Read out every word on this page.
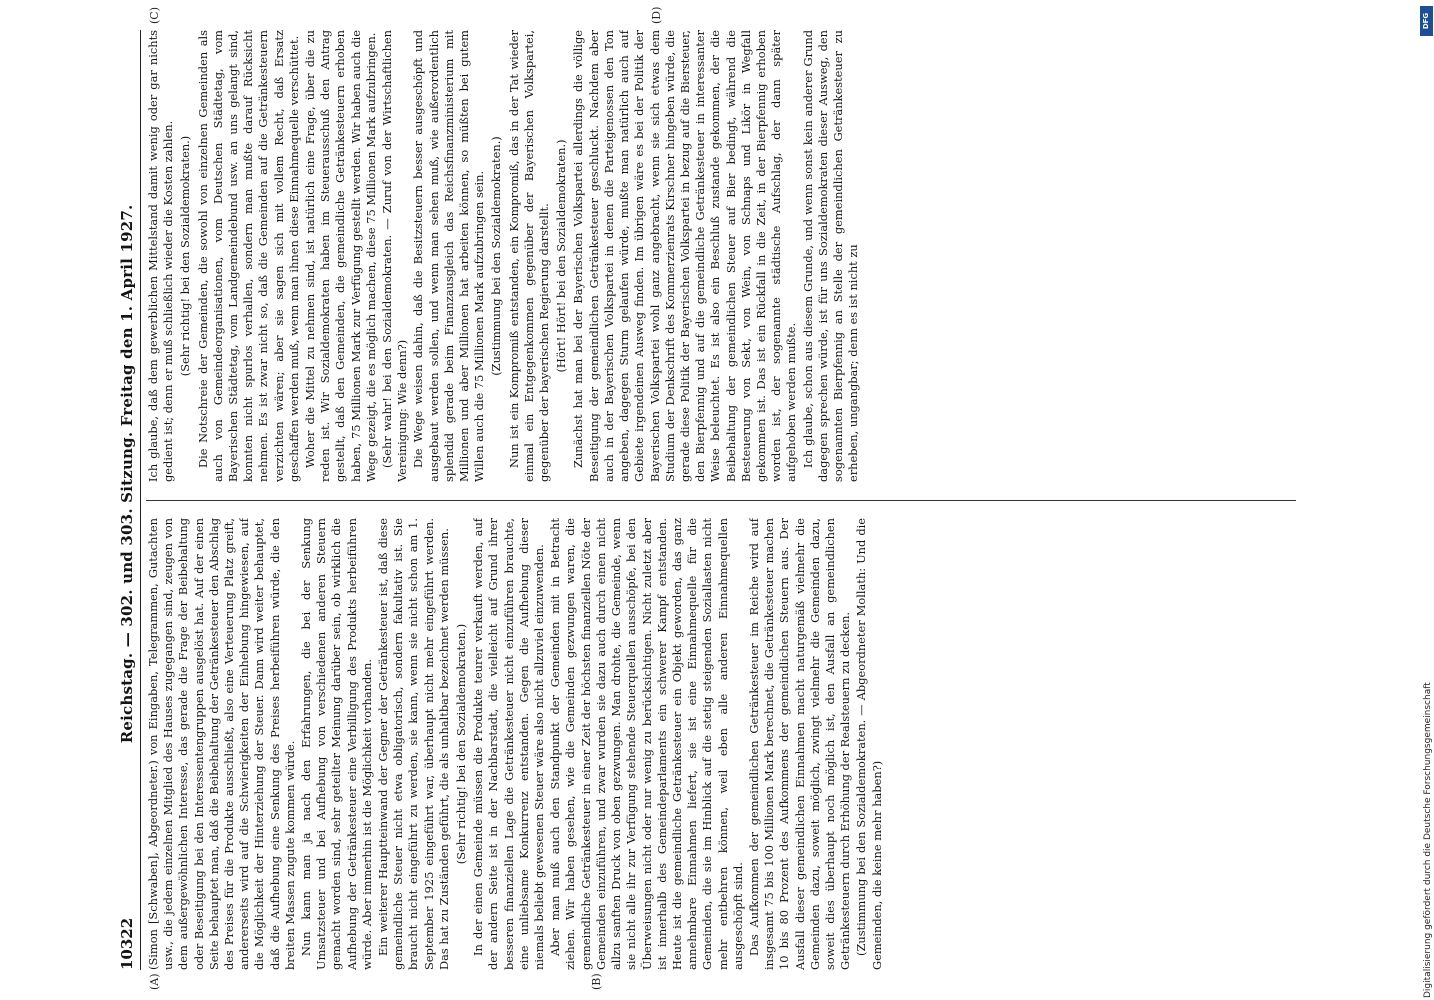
10322
Reichstag. — 302. und 303. Sitzung. Freitag den 1. April 1927.
(A)	(B)
(C)	(D)

(Simon [Schwaben], Abgeordneter.) von Eingaben, Telegrammen, Gutachten usw., die jedem einzelnen Mitglied des Hauses zugegangen sind, zeugen von dem außergewöhnlichen Interesse, das gerade die Frage der Beibehaltung oder Beseitigung bei den Interessentengruppen ausgelöst hat. Auf der einen Seite behauptet man, daß die Beibehaltung der Getränkesteuer den Abschlag des Preises für die Produkte ausschließt, also eine Verteuerung Platz greift, andererseits wird auf die Schwierigkeiten der Einhebung hingewiesen, auf die Möglichkeit der Hinterziehung der Steuer. Dann wird weiter behauptet, daß die Aufhebung eine Senkung des Preises herbeiführen würde, die den breiten Massen zugute kommen würde. Nun kann man ja nach den Erfahrungen, die bei der Senkung Umsatzsteuer und bei Aufhebung von verschiedenen anderen Steuern gemacht worden sind, sehr geteilter Meinung darüber sein, ob wirklich die Aufhebung der Getränkesteuer eine Verbilligung des Produkts herbeiführen würde. Aber immerhin ist die Möglichkeit vorhanden. Ein weiterer Hauptteinwand der Gegner der Getränkesteuer ist, daß diese gemeindliche Steuer nicht etwa obligatorisch, sondern fakultativ ist. Sie braucht nicht eingeführt zu werden, sie kann, wenn sie nicht schon am 1. September 1925 eingeführt war, überhaupt nicht mehr eingeführt werden. Das hat zu Zuständen geführt, die als unhaltbar bezeichnet werden müssen. (Sehr richtig! bei den Sozialdemokraten.) In der einen Gemeinde müssen die Produkte teurer verkauft werden, auf der andern Seite ist in der Nachbarstadt, die vielleicht auf Grund ihrer besseren finanziellen Lage die Getränkesteuer nicht einzuführen brauchte, eine unliebsame Konkurrenz entstanden. Gegen die Aufhebung dieser niemals beliebt gewesenen Steuer wäre also nicht allzuviel einzuwenden. Aber man muß auch den Standpunkt der Gemeinden mit in Betracht ziehen. Wir haben gesehen, wie die Gemeinden gezwungen waren, die gemeindliche Getränkesteuer in einer Zeit der höchsten finanziellen Nöte der Gemeinden einzuführen, und zwar wurden sie dazu auch durch einen nicht allzu sanften Druck von oben gezwungen. Man drohte, die Gemeinde, wenn sie nicht alle ihr zur Verfügung stehende Steuerquellen ausschöpfe, bei den Überweisungen nicht oder nur wenig zu berücksichtigen. Nicht zuletzt aber ist innerhalb des Gemeindeparlaments ein schwerer Kampf entstanden. Heute ist die gemeindliche Getränkesteuer ein Objekt geworden, das ganz annehmbare Einnahmen liefert, sie ist eine Einnahmequelle für die Gemeinden, die sie im Hinblick auf die stetig steigenden Soziallasten nicht mehr entbehren können, weil eben alle anderen Einnahmequellen ausgeschöpft sind. Das Aufkommen der gemeindlichen Getränkesteuer im Reiche wird auf insgesamt 75 bis 100 Millionen Mark berechnet, die Getränkesteuer machen 10 bis 80 Prozent des Aufkommens der gemeindlichen Steuern aus. Der Ausfall dieser gemeindlichen Einnahmen macht naturgemäß vielmehr die Gemeinden dazu, soweit möglich, zwingt vielmehr die Gemeinden dazu, soweit dies überhaupt noch möglich ist, den Ausfall an gemeindlichen Getränkesteuern durch Erhöhung der Realsteuern zu decken. (Zustimmung bei den Sozialdemokraten. — Abgeordneter Mollath: Und die Gemeinden, die keine mehr haben?)

Ich glaube, daß dem gewerblichen Mittelstand damit wenig oder gar nichts gedient ist; denn er muß schließlich wieder die Kosten zahlen. (Sehr richtig! bei den Sozialdemokraten.) Die Notschreie der Gemeinden, die sowohl von einzelnen Gemeinden als auch von Gemeindeorganisationen, vom Deutschen Städtetag, vom Bayerischen Städtetag, vom Landgemeindebund usw. an uns gelangt sind, konnten nicht spurlos verhallen, sondern man mußte darauf Rücksicht nehmen. Es ist zwar nicht so, daß die Gemeinden auf die Getränkesteuern verzichten wären; aber sie sagen sich mit vollem Recht, daß Ersatz geschaffen werden muß, wenn man ihnen diese Einnahmequelle verschüttet. Woher die Mittel zu nehmen sind, ist natürlich eine Frage, über die zu reden ist. Wir Sozialdemokraten haben im Steuerausschuß den Antrag gestellt, daß den Gemeinden, die gemeindliche Getränkesteuern erhoben haben, 75 Millionen Mark zur Verfügung gestellt werden. Wir haben auch die Wege gezeigt, die es möglich machen, diese 75 Millionen Mark aufzubringen. (Sehr wahr! bei den Sozialdemokraten. — Zuruf von der Wirtschaftlichen Vereinigung: Wie denn?) Die Wege weisen dahin, daß die Besitzsteuern besser ausgeschöpft und ausgebaut werden sollen, und wenn man sehen muß, wie außerordentlich splendid gerade beim Finanzausgleich das Reichsfinanzministerium mit Millionen und aber Millionen hat arbeiten können, so müßten bei gutem Willen auch die 75 Millionen Mark aufzubringen sein. (Zustimmung bei den Sozialdemokraten.) Nun ist ein Kompromiß entstanden, ein Kompromiß, das in der Tat wieder einmal ein Entgegenkommen gegenüber der Bayerischen Volkspartei, gegenüber der bayerischen Regierung darstellt. (Hört! Hört! bei den Sozialdemokraten.) Zunächst hat man bei der Bayerischen Volkspartei allerdings die völlige Beseitigung der gemeindlichen Getränkesteuer geschluckt. Nachdem aber auch in der Bayerischen Volkspartei in denen die Parteigenossen den Ton angeben, dagegen Sturm gelaufen würde, mußte man natürlich auch auf Gebiete irgendeinen Ausweg finden. Im übrigen wäre es bei der Politik der Bayerischen Volkspartei wohl ganz angebracht, wenn sie sich etwas dem Studium der Denkschrift des Kommerzienrats Kirschner hingeben würde, die gerade diese Politik der Bayerischen Volkspartei in bezug auf die Biersteuer, den Bierpfennig und auf die gemeindliche Getränkesteuer in interessanter Weise beleuchtet. Es ist also ein Beschluß zustande gekommen, der die Beibehaltung der gemeindlichen Steuer auf Bier bedingt, während die Besteuerung von Sekt, von Wein, von Schnaps und Likör in Wegfall gekommen ist. Das ist ein Rückfall in die Zeit, in der Bierpfennig erhoben worden ist, der sogenannte städtische Aufschlag, der dann später aufgehoben werden mußte. Ich glaube, schon aus diesem Grunde, und wenn sonst kein anderer Grund dagegen sprechen würde, ist für uns Sozialdemokraten dieser Ausweg, den sogenannten Bierpfennig an Stelle der gemeindlichen Getränkesteuer zu erheben, ungangbar; denn es ist nicht zu

DFG
Digitalisierung gefördert durch die Deutsche Forschungsgemeinschaft
